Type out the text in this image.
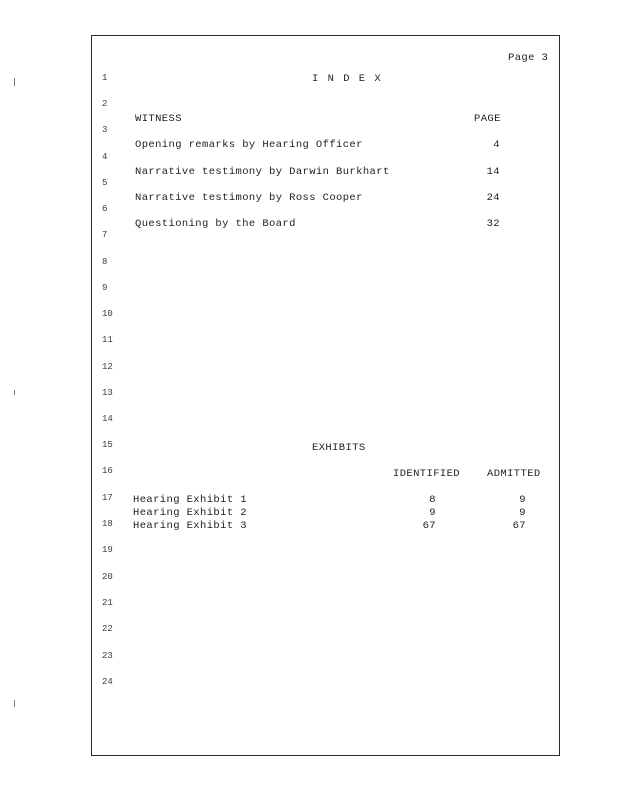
Page 3
I N D E X
1
2
3
4
5
6
7
8
9
10
11
12
13
14
15
16
17
18
19
20
21
22
23
24
WITNESS	PAGE
Opening remarks by Hearing Officer	4
Narrative testimony by Darwin Burkhart	14
Narrative testimony by Ross Cooper	24
Questioning by the Board	32
EXHIBITS
IDENTIFIED	ADMITTED
Hearing Exhibit 1	8	9
Hearing Exhibit 2	9	9
Hearing Exhibit 3	67	67
